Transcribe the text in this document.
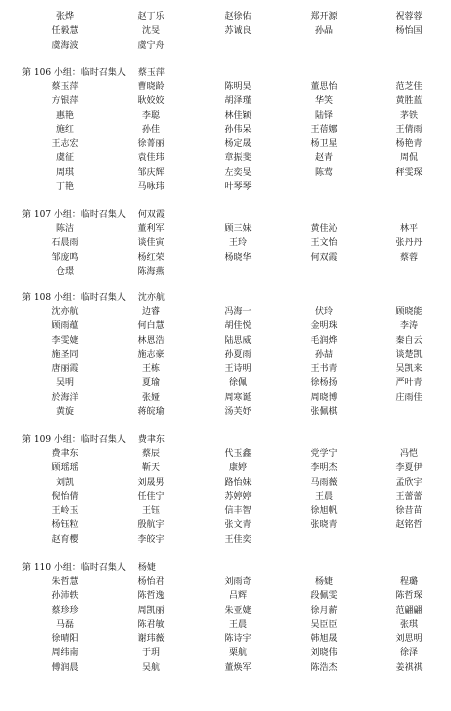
张烨	赵丁乐	赵徐佑	郑开源	祝蓉蓉
任毅慧	沈旻	苏诚良	孙晶	杨怡国
虞海波	虞宁舟
第 106 小组：临时召集人 蔡玉萍
蔡玉萍	曹晓龄	陈明昊	董思怡	范芝佳
方银萍	耿姣姣	胡泽瑾	华笑	黄胜蓝
惠艳	李聪	林佳颖	陆铎	茅铁
施红	孙佳	孙伟呆	王蓓娜	王倩雨
王志宏	徐菁丽	杨定晟	杨卫星	杨艳青
虞征	袁佳玮	章振斐	赵青	周侃
周琪	邹庆辉	左奕旻	陈莺	秤雯琛
丁艳	马咏玮	叶琴琴
第 107 小组：临时召集人 何双霞
陈洁	董利军	顾三妹	黄佳沁	林平
石晨雨	谈佳寅	王玲	王文怡	张丹丹
邹庞鸣	杨红荣	杨晓华	何双霞	蔡蓉
仓璟	陈海燕
第 108 小组：临时召集人 沈亦航
沈亦航	边睿	冯海一	伏玲	顾晓能
顾雨蕴	何白慧	胡佳悦	金明珠	李涛
李雯婕	林恩浩	陆思威	毛润烨	秦自云
施圣同	施志豪	孙夏雨	孙喆	谈楚凯
唐丽霞	王栋	王诗明	王书青	吴凯来
吴明	夏瑜	徐佩	徐杨扬	严叶青
於海洋	张娅	周寒诞	周晓博	庄雨佳
黄旋	蒋皖瑜	汤芙妤	张佩棋
第 109 小组：临时召集人 费聿东
费聿东	蔡辰	代玉鑫	党学宁	冯恺
顾瑶瑶	靳天	康婷	李明杰	李夏伊
刘凯	刘晟男	路怡妹	马雨薇	孟欣宇
倪怡倩	任佳宁	苏婷婷	王晨	王蕾蕾
王岭玉	王钰	信丰智	徐旭帆	徐昔苗
杨钰粒	殷航宇	张文青	张晓青	赵铭哲
赵育樱	李皎宇	王佳奕
第 110 小组：临时召集人 杨婕
朱哲慧	杨怡君	刘雨奇	杨婕	程璐
孙沛轶	陈哲逸	吕辉	段佩雯	陈哲琛
蔡珍珍	周凯丽	朱亚婕	徐月薪	范翩翩
马磊	陈君敏	王晨	吴臣臣	张琪
徐晴阳	谢玮薇	陈诗宇	韩旭晟	刘思明
周纬南	于玥	栗航	刘晓伟	徐泽
傅润晨	吴航	董焕军	陈浩杰	姜祺祺
